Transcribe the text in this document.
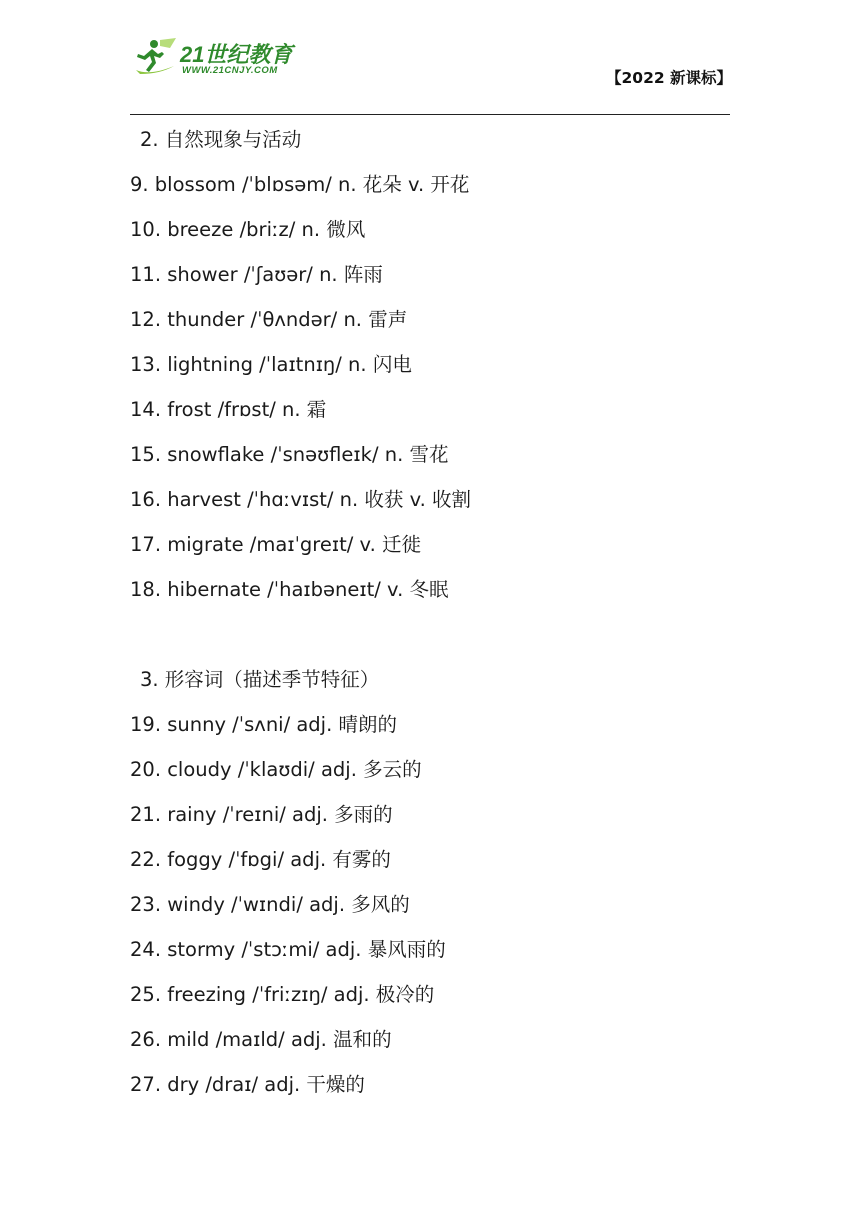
21世纪教育
WWW.21CNJY.COM	【2022 新课标】
2. 自然现象与活动
9. blossom /ˈblɒsəm/ n. 花朵 v. 开花
10. breeze /briːz/ n. 微风
11. shower /ˈʃaʊər/ n. 阵雨
12. thunder /ˈθʌndər/ n. 雷声
13. lightning /ˈlaɪtnɪŋ/ n. 闪电
14. frost /frɒst/ n. 霜
15. snowflake /ˈsnəʊfleɪk/ n. 雪花
16. harvest /ˈhɑːvɪst/ n. 收获 v. 收割
17. migrate /maɪˈgreɪt/ v. 迁徙
18. hibernate /ˈhaɪbəneɪt/ v. 冬眠
3. 形容词（描述季节特征）
19. sunny /ˈsʌni/ adj. 晴朗的
20. cloudy /ˈklaʊdi/ adj. 多云的
21. rainy /ˈreɪni/ adj. 多雨的
22. foggy /ˈfɒgi/ adj. 有雾的
23. windy /ˈwɪndi/ adj. 多风的
24. stormy /ˈstɔːmi/ adj. 暴风雨的
25. freezing /ˈfriːzɪŋ/ adj. 极冷的
26. mild /maɪld/ adj. 温和的
27. dry /draɪ/ adj. 干燥的
